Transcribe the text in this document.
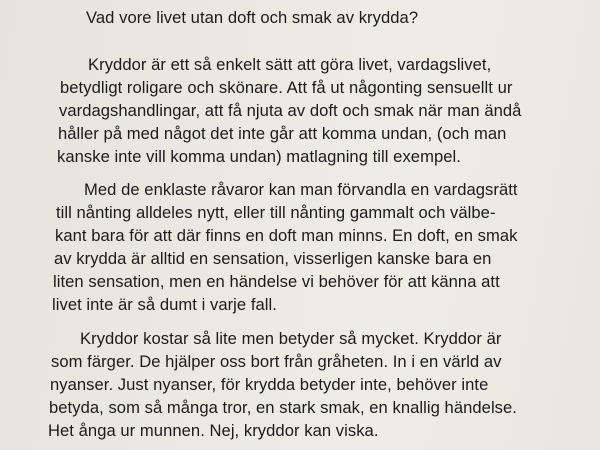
Vad vore livet utan doft och smak av krydda?
Kryddor är ett så enkelt sätt att göra livet, vardagslivet,
betydligt roligare och skönare. Att få ut någonting sensuellt ur
vardagshandlingar, att få njuta av doft och smak när man ändå
håller på med något det inte går att komma undan, (och man
kanske inte vill komma undan) matlagning till exempel.
Med de enklaste råvaror kan man förvandla en vardagsrätt
till nånting alldeles nytt, eller till nånting gammalt och välbe-
kant bara för att där finns en doft man minns. En doft, en smak
av krydda är alltid en sensation, visserligen kanske bara en
liten sensation, men en händelse vi behöver för att känna att
livet inte är så dumt i varje fall.
Kryddor kostar så lite men betyder så mycket. Kryddor är
som färger. De hjälper oss bort från gråheten. In i en värld av
nyanser. Just nyanser, för krydda betyder inte, behöver inte
betyda, som så många tror, en stark smak, en knallig händelse.
Het ånga ur munnen. Nej, kryddor kan viska.
